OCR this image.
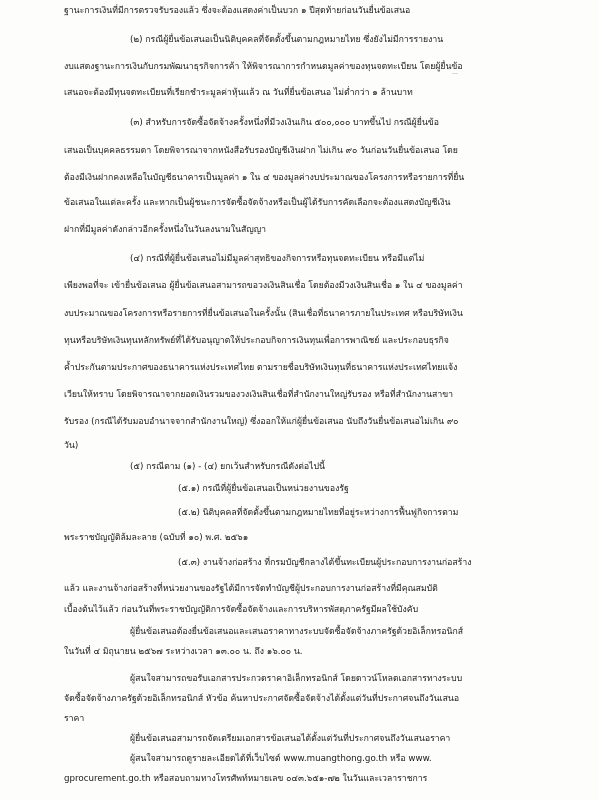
ฐานะการเงินที่มีการตรวจรับรองแล้ว ซึ่งจะต้องแสดงค่าเป็นบวก ๑ ปีสุดท้ายก่อนวันยื่นข้อเสนอ
(๒) กรณีผู้ยื่นข้อเสนอเป็นนิติบุคคลที่จัดตั้งขึ้นตามกฎหมายไทย ซึ่งยังไม่มีการรายงาน
งบแสดงฐานะการเงินกับกรมพัฒนาธุรกิจการค้า ให้พิจารณาการกำหนดมูลค่าของทุนจดทะเบียน โดยผู้ยื่นข้อ
เสนอจะต้องมีทุนจดทะเบียนที่เรียกชำระมูลค่าหุ้นแล้ว ณ วันที่ยื่นข้อเสนอ ไม่ต่ำกว่า ๑ ล้านบาท
(๓) สำหรับการจัดซื้อจัดจ้างครั้งหนึ่งที่มีวงเงินเกิน ๕๐๐,๐๐๐ บาทขึ้นไป กรณีผู้ยื่นข้อ
เสนอเป็นบุคคลธรรมดา โดยพิจารณาจากหนังสือรับรองบัญชีเงินฝาก ไม่เกิน ๙๐ วันก่อนวันยื่นข้อเสนอ โดย
ต้องมีเงินฝากคงเหลือในบัญชีธนาคารเป็นมูลค่า ๑ ใน ๔ ของมูลค่างบประมาณของโครงการหรือรายการที่ยื่น
ข้อเสนอในแต่ละครั้ง และหากเป็นผู้ชนะการจัดซื้อจัดจ้างหรือเป็นผู้ได้รับการคัดเลือกจะต้องแสดงบัญชีเงิน
ฝากที่มีมูลค่าดังกล่าวอีกครั้งหนึ่งในวันลงนามในสัญญา
(๔) กรณีที่ผู้ยื่นข้อเสนอไม่มีมูลค่าสุทธิของกิจการหรือทุนจดทะเบียน หรือมีแต่ไม่
เพียงพอที่จะ เข้ายื่นข้อเสนอ ผู้ยื่นข้อเสนอสามารถขอวงเงินสินเชื่อ โดยต้องมีวงเงินสินเชื่อ ๑ ใน ๔ ของมูลค่า
งบประมาณของโครงการหรือรายการที่ยื่นข้อเสนอในครั้งนั้น (สินเชื่อที่ธนาคารภายในประเทศ หรือบริษัทเงิน
ทุนหรือบริษัทเงินทุนหลักทรัพย์ที่ได้รับอนุญาตให้ประกอบกิจการเงินทุนเพื่อการพาณิชย์ และประกอบธุรกิจ
ค้ำประกันตามประกาศของธนาคารแห่งประเทศไทย ตามรายชื่อบริษัทเงินทุนที่ธนาคารแห่งประเทศไทยแจ้ง
เวียนให้ทราบ โดยพิจารณาจากยอดเงินรวมของวงเงินสินเชื่อที่สำนักงานใหญ่รับรอง หรือที่สำนักงานสาขา
รับรอง (กรณีได้รับมอบอำนาจจากสำนักงานใหญ่) ซึ่งออกให้แก่ผู้ยื่นข้อเสนอ นับถึงวันยื่นข้อเสนอไม่เกิน ๙๐
วัน)
(๕) กรณีตาม (๑) - (๔) ยกเว้นสำหรับกรณีดังต่อไปนี้
(๕.๑) กรณีที่ผู้ยื่นข้อเสนอเป็นหน่วยงานของรัฐ
(๕.๒) นิติบุคคลที่จัดตั้งขึ้นตามกฎหมายไทยที่อยู่ระหว่างการฟื้นฟูกิจการตาม
พระราชบัญญัติล้มละลาย (ฉบับที่ ๑๐) พ.ศ. ๒๕๖๑
(๕.๓) งานจ้างก่อสร้าง ที่กรมบัญชีกลางได้ขึ้นทะเบียนผู้ประกอบการงานก่อสร้าง
แล้ว และงานจ้างก่อสร้างที่หน่วยงานของรัฐได้มีการจัดทำบัญชีผู้ประกอบการงานก่อสร้างที่มีคุณสมบัติ
เบื้องต้นไว้แล้ว ก่อนวันที่พระราชบัญญัติการจัดซื้อจัดจ้างและการบริหารพัสดุภาครัฐมีผลใช้บังคับ
ผู้ยื่นข้อเสนอต้องยื่นข้อเสนอและเสนอราคาทางระบบจัดซื้อจัดจ้างภาครัฐด้วยอิเล็กทรอนิกส์
ในวันที่ ๔ มิถุนายน ๒๕๖๗ ระหว่างเวลา ๑๓.๐๐ น. ถึง ๑๖.๐๐ น.
ผู้สนใจสามารถขอรับเอกสารประกวดราคาอิเล็กทรอนิกส์ โดยดาวน์โหลดเอกสารทางระบบ
จัดซื้อจัดจ้างภาครัฐด้วยอิเล็กทรอนิกส์ หัวข้อ ค้นหาประกาศจัดซื้อจัดจ้างได้ตั้งแต่วันที่ประกาศจนถึงวันเสนอ
ราคา
ผู้ยื่นข้อเสนอสามารถจัดเตรียมเอกสารข้อเสนอได้ตั้งแต่วันที่ประกาศจนถึงวันเสนอราคา
ผู้สนใจสามารถดูรายละเอียดได้ที่เว็บไซต์ www.muangthong.go.th หรือ www.
gprocurement.go.th หรือสอบถามทางโทรศัพท์หมายเลข ๐๔๓.๖๕๑-๗๒ ในวันและเวลาราชการ
